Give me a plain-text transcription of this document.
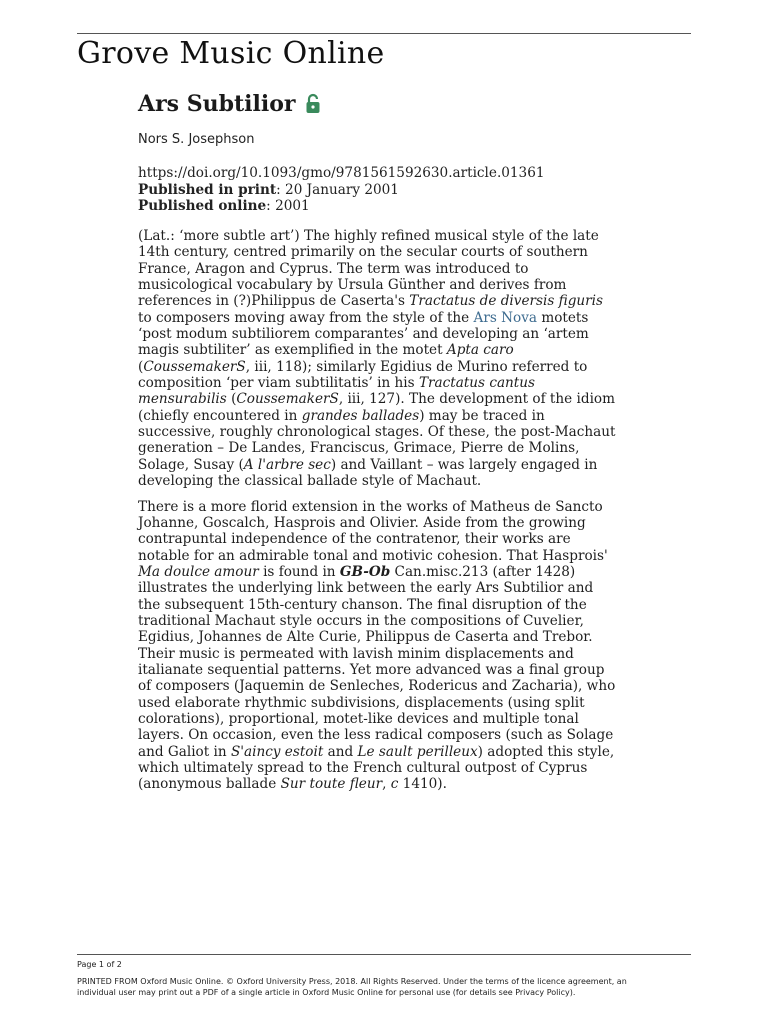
Grove Music Online
Ars Subtilior
Nors S. Josephson
https://doi.org/10.1093/gmo/9781561592630.article.01361
Published in print: 20 January 2001
Published online: 2001
(Lat.: ‘more subtle art’) The highly refined musical style of the late
14th century, centred primarily on the secular courts of southern
France, Aragon and Cyprus. The term was introduced to
musicological vocabulary by Ursula Günther and derives from
references in (?)Philippus de Caserta's Tractatus de diversis figuris
to composers moving away from the style of the Ars Nova motets
‘post modum subtiliorem comparantes’ and developing an ‘artem
magis subtiliter’ as exemplified in the motet Apta caro
(CoussemakerS, iii, 118); similarly Egidius de Murino referred to
composition ‘per viam subtilitatis’ in his Tractatus cantus
mensurabilis (CoussemakerS, iii, 127). The development of the idiom
(chiefly encountered in grandes ballades) may be traced in
successive, roughly chronological stages. Of these, the post-Machaut
generation – De Landes, Franciscus, Grimace, Pierre de Molins,
Solage, Susay (A l'arbre sec) and Vaillant – was largely engaged in
developing the classical ballade style of Machaut.
There is a more florid extension in the works of Matheus de Sancto
Johanne, Goscalch, Hasprois and Olivier. Aside from the growing
contrapuntal independence of the contratenor, their works are
notable for an admirable tonal and motivic cohesion. That Hasprois'
Ma doulce amour is found in GB-Ob Can.misc.213 (after 1428)
illustrates the underlying link between the early Ars Subtilior and
the subsequent 15th-century chanson. The final disruption of the
traditional Machaut style occurs in the compositions of Cuvelier,
Egidius, Johannes de Alte Curie, Philippus de Caserta and Trebor.
Their music is permeated with lavish minim displacements and
italianate sequential patterns. Yet more advanced was a final group
of composers (Jaquemin de Senleches, Rodericus and Zacharia), who
used elaborate rhythmic subdivisions, displacements (using split
colorations), proportional, motet-like devices and multiple tonal
layers. On occasion, even the less radical composers (such as Solage
and Galiot in S'aincy estoit and Le sault perilleux) adopted this style,
which ultimately spread to the French cultural outpost of Cyprus
(anonymous ballade Sur toute fleur, c 1410).
Page 1 of 2
PRINTED FROM Oxford Music Online. © Oxford University Press, 2018. All Rights Reserved. Under the terms of the licence agreement, an
individual user may print out a PDF of a single article in Oxford Music Online for personal use (for details see Privacy Policy).
